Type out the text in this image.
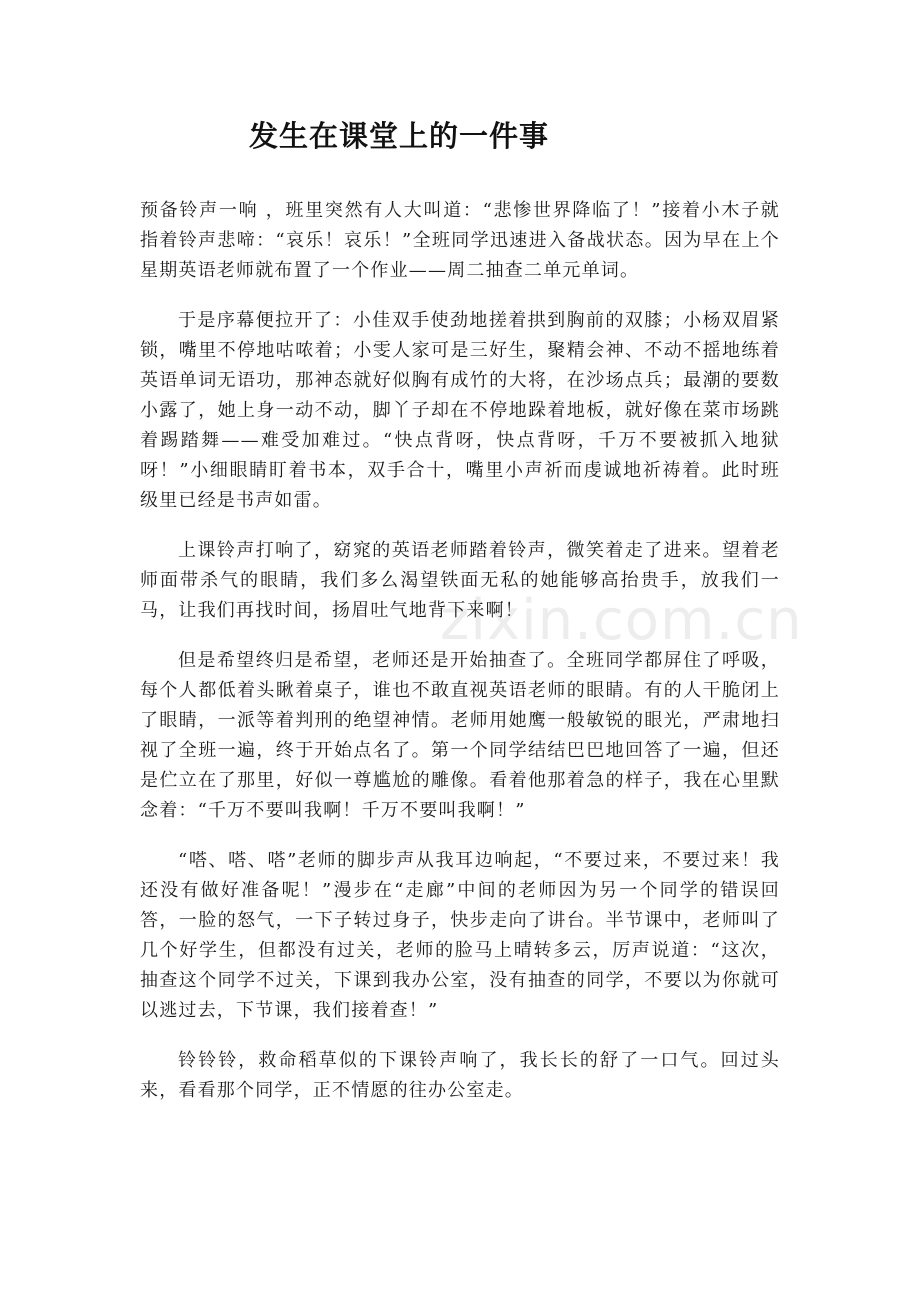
发生在课堂上的一件事

预备铃声一响 ，班里突然有人大叫道：“悲惨世界降临了！”接着小木子就指着铃声悲啼：“哀乐！哀乐！”全班同学迅速进入备战状态。因为早在上个星期英语老师就布置了一个作业——周二抽查二单元单词。

于是序幕便拉开了：小佳双手使劲地搓着拱到胸前的双膝；小杨双眉紧锁，嘴里不停地咕哝着；小雯人家可是三好生，聚精会神、不动不摇地练着英语单词无语功，那神态就好似胸有成竹的大将，在沙场点兵；最潮的要数小露了，她上身一动不动，脚丫子却在不停地跺着地板，就好像在菜市场跳着踢踏舞——难受加难过。“快点背呀，快点背呀，千万不要被抓入地狱呀！”小细眼睛盯着书本，双手合十，嘴里小声祈而虔诚地祈祷着。此时班级里已经是书声如雷。

上课铃声打响了，窈窕的英语老师踏着铃声，微笑着走了进来。望着老师面带杀气的眼睛，我们多么渴望铁面无私的她能够高抬贵手，放我们一马，让我们再找时间，扬眉吐气地背下来啊！

但是希望终归是希望，老师还是开始抽查了。全班同学都屏住了呼吸，每个人都低着头瞅着桌子，谁也不敢直视英语老师的眼睛。有的人干脆闭上了眼睛，一派等着判刑的绝望神情。老师用她鹰一般敏锐的眼光，严肃地扫视了全班一遍，终于开始点名了。第一个同学结结巴巴地回答了一遍，但还是伫立在了那里，好似一尊尴尬的雕像。看着他那着急的样子，我在心里默念着：“千万不要叫我啊！千万不要叫我啊！”

“嗒、嗒、嗒”老师的脚步声从我耳边响起，“不要过来，不要过来！我还没有做好准备呢！”漫步在“走廊”中间的老师因为另一个同学的错误回答，一脸的怒气，一下子转过身子，快步走向了讲台。半节课中，老师叫了几个好学生，但都没有过关，老师的脸马上晴转多云，厉声说道：“这次，抽查这个同学不过关，下课到我办公室，没有抽查的同学，不要以为你就可以逃过去，下节课，我们接着查！”

铃铃铃，救命稻草似的下课铃声响了，我长长的舒了一口气。回过头来，看看那个同学，正不情愿的往办公室走。

zixin.com.cn
